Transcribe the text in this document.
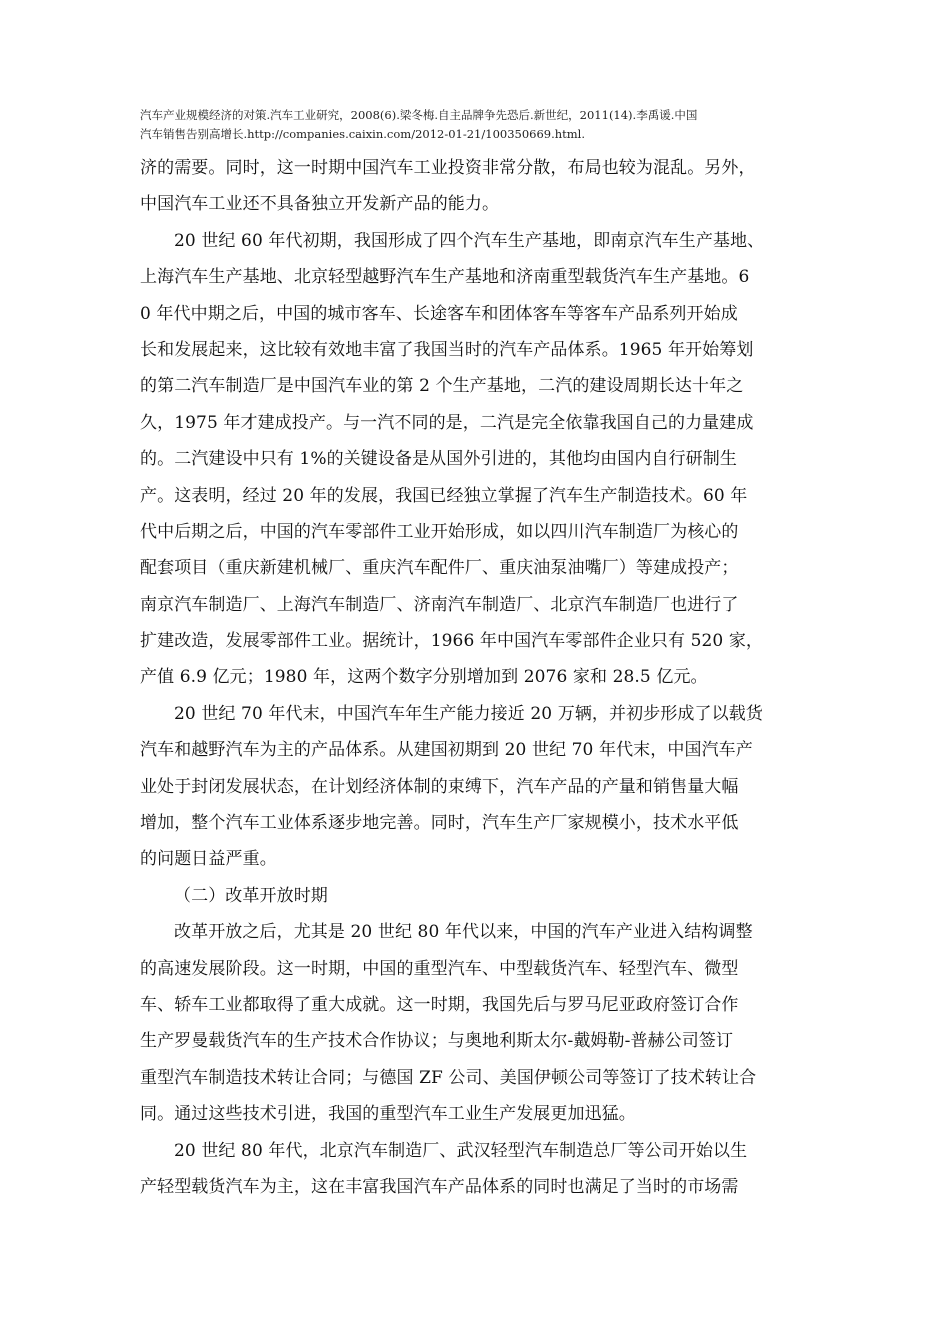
汽车产业规模经济的对策.汽车工业研究，2008(6).梁冬梅.自主品牌争先恐后.新世纪，2011(14).李禹谖.中国
汽车销售告别高增长.http://companies.caixin.com/2012-01-21/100350669.html.
济的需要。同时，这一时期中国汽车工业投资非常分散，布局也较为混乱。另外，
中国汽车工业还不具备独立开发新产品的能力。
20 世纪 60 年代初期，我国形成了四个汽车生产基地，即南京汽车生产基地、
上海汽车生产基地、北京轻型越野汽车生产基地和济南重型载货汽车生产基地。6
0 年代中期之后，中国的城市客车、长途客车和团体客车等客车产品系列开始成
长和发展起来，这比较有效地丰富了我国当时的汽车产品体系。1965 年开始筹划
的第二汽车制造厂是中国汽车业的第 2 个生产基地，二汽的建设周期长达十年之
久，1975 年才建成投产。与一汽不同的是，二汽是完全依靠我国自己的力量建成
的。二汽建设中只有 1%的关键设备是从国外引进的，其他均由国内自行研制生
产。这表明，经过 20 年的发展，我国已经独立掌握了汽车生产制造技术。60 年
代中后期之后，中国的汽车零部件工业开始形成，如以四川汽车制造厂为核心的
配套项目（重庆新建机械厂、重庆汽车配件厂、重庆油泵油嘴厂）等建成投产；
南京汽车制造厂、上海汽车制造厂、济南汽车制造厂、北京汽车制造厂也进行了
扩建改造，发展零部件工业。据统计，1966 年中国汽车零部件企业只有 520 家，
产值 6.9 亿元；1980 年，这两个数字分别增加到 2076 家和 28.5 亿元。
20 世纪 70 年代末，中国汽车年生产能力接近 20 万辆，并初步形成了以载货
汽车和越野汽车为主的产品体系。从建国初期到 20 世纪 70 年代末，中国汽车产
业处于封闭发展状态，在计划经济体制的束缚下，汽车产品的产量和销售量大幅
增加，整个汽车工业体系逐步地完善。同时，汽车生产厂家规模小，技术水平低
的问题日益严重。
（二）改革开放时期
改革开放之后，尤其是 20 世纪 80 年代以来，中国的汽车产业进入结构调整
的高速发展阶段。这一时期，中国的重型汽车、中型载货汽车、轻型汽车、微型
车、轿车工业都取得了重大成就。这一时期，我国先后与罗马尼亚政府签订合作
生产罗曼载货汽车的生产技术合作协议；与奥地利斯太尔-戴姆勒-普赫公司签订
重型汽车制造技术转让合同；与德国 ZF 公司、美国伊顿公司等签订了技术转让合
同。通过这些技术引进，我国的重型汽车工业生产发展更加迅猛。
20 世纪 80 年代，北京汽车制造厂、武汉轻型汽车制造总厂等公司开始以生
产轻型载货汽车为主，这在丰富我国汽车产品体系的同时也满足了当时的市场需
